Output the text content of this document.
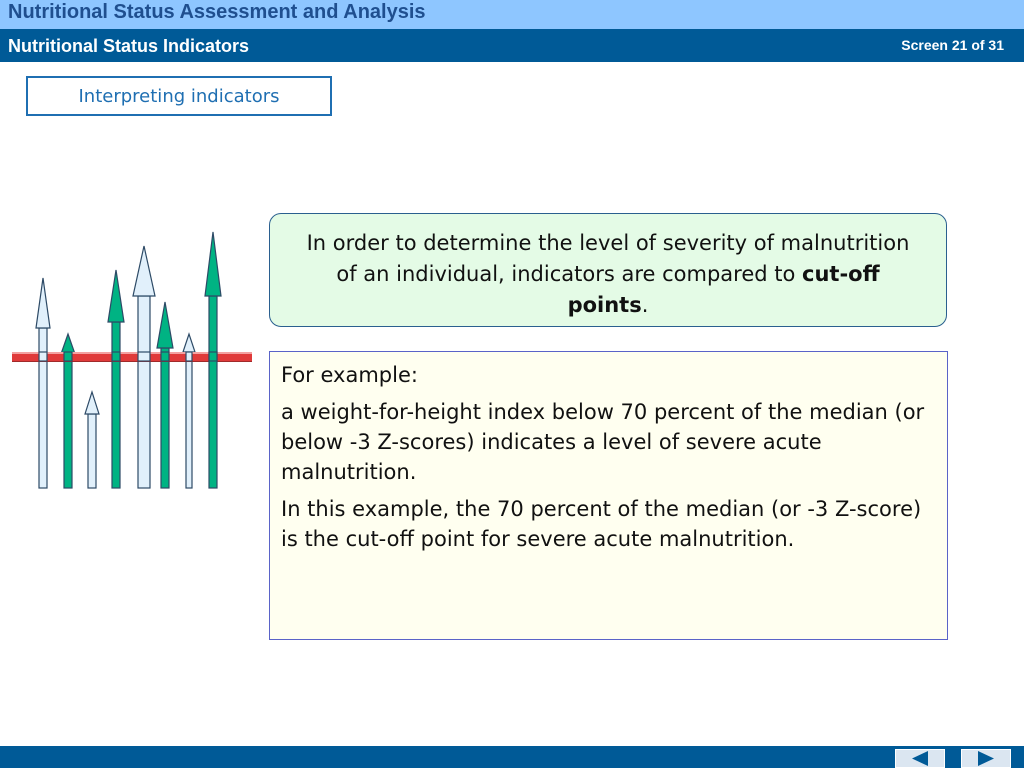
Nutritional Status Assessment and Analysis
Nutritional Status Indicators	Screen 21 of 31
Interpreting indicators
In order to determine the level of severity of malnutrition of an individual, indicators are compared to cut-off points.

For example:

a weight-for-height index below 70 percent of the median (or below -3 Z-scores) indicates a level of severe acute malnutrition.

In this example, the 70 percent of the median (or -3 Z-score) is the cut-off point for severe acute malnutrition.
